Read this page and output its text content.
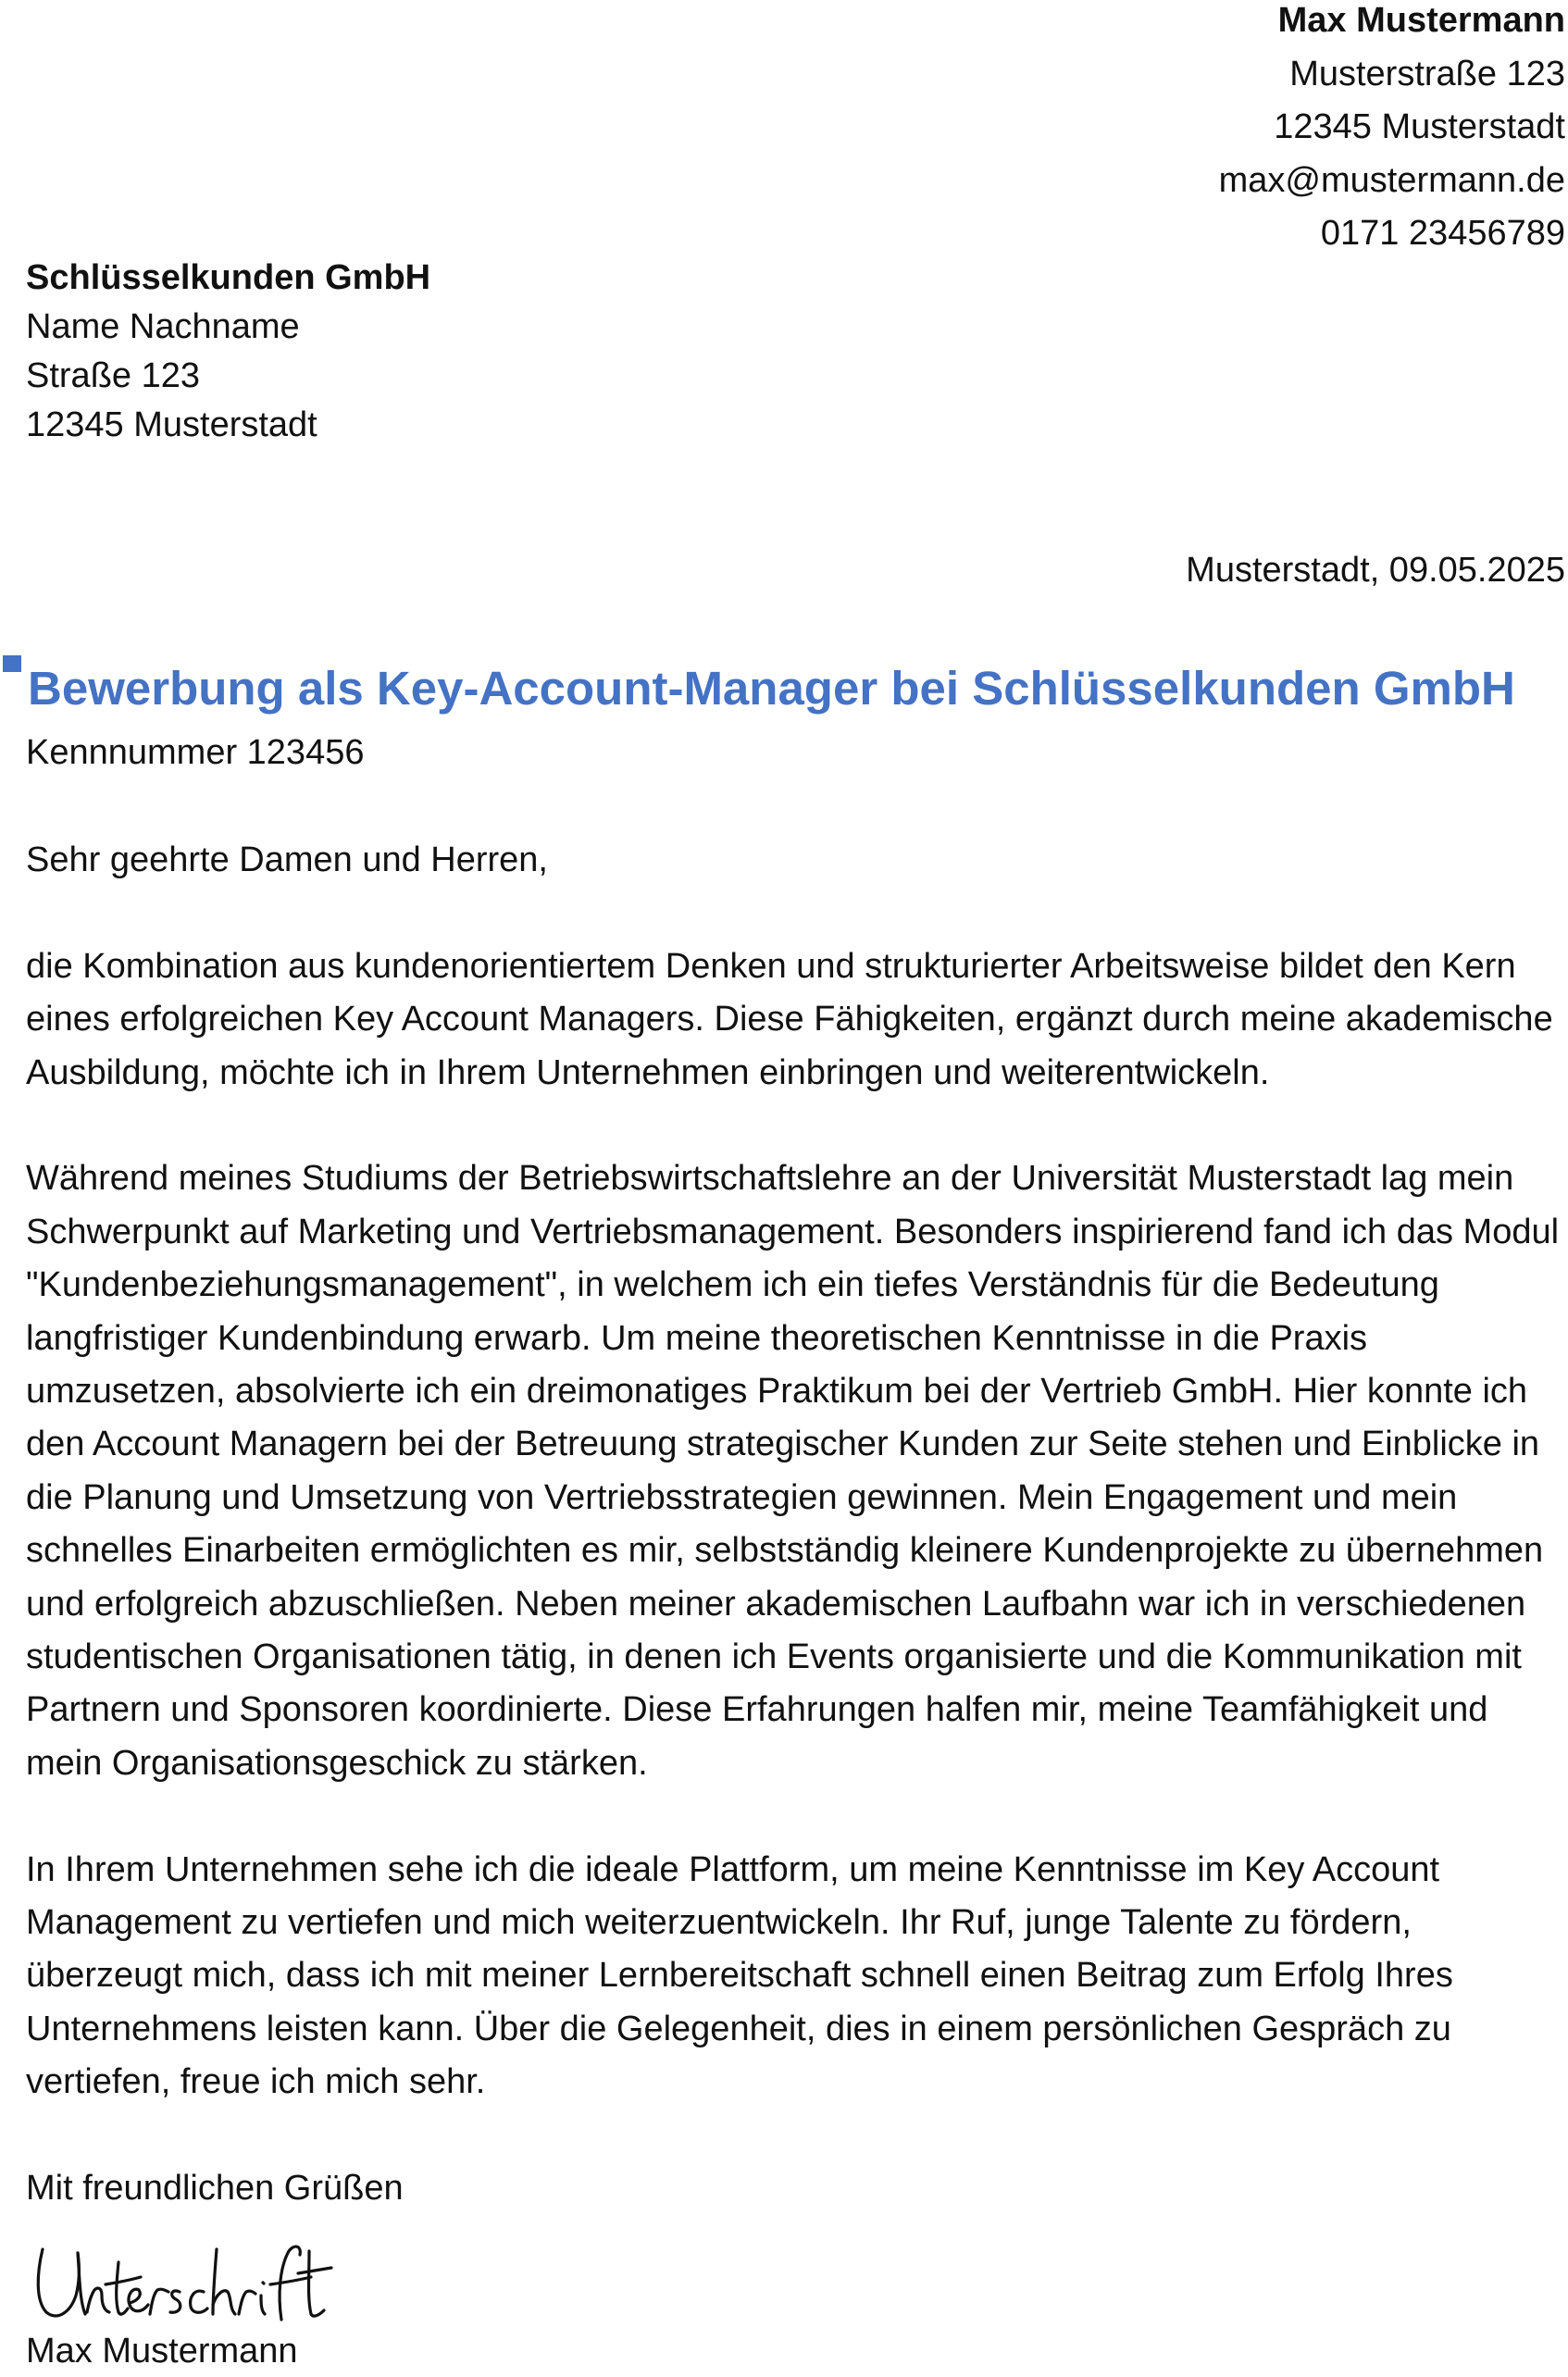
Max Mustermann
Musterstraße 123
12345 Musterstadt
max@mustermann.de
0171 23456789
Schlüsselkunden GmbH
Name Nachname
Straße 123
12345 Musterstadt
Musterstadt, 09.05.2025
Bewerbung als Key-Account-Manager bei Schlüsselkunden GmbH
Kennnummer 123456

Sehr geehrte Damen und Herren,

die Kombination aus kundenorientiertem Denken und strukturierter Arbeitsweise bildet den Kern eines erfolgreichen Key Account Managers. Diese Fähigkeiten, ergänzt durch meine akademische Ausbildung, möchte ich in Ihrem Unternehmen einbringen und weiterentwickeln.

Während meines Studiums der Betriebswirtschaftslehre an der Universität Musterstadt lag mein Schwerpunkt auf Marketing und Vertriebsmanagement. Besonders inspirierend fand ich das Modul "Kundenbeziehungsmanagement", in welchem ich ein tiefes Verständnis für die Bedeutung langfristiger Kundenbindung erwarb. Um meine theoretischen Kenntnisse in die Praxis umzusetzen, absolvierte ich ein dreimonatiges Praktikum bei der Vertrieb GmbH. Hier konnte ich den Account Managern bei der Betreuung strategischer Kunden zur Seite stehen und Einblicke in die Planung und Umsetzung von Vertriebsstrategien gewinnen. Mein Engagement und mein schnelles Einarbeiten ermöglichten es mir, selbstständig kleinere Kundenprojekte zu übernehmen und erfolgreich abzuschließen. Neben meiner akademischen Laufbahn war ich in verschiedenen studentischen Organisationen tätig, in denen ich Events organisierte und die Kommunikation mit Partnern und Sponsoren koordinierte. Diese Erfahrungen halfen mir, meine Teamfähigkeit und mein Organisationsgeschick zu stärken.

In Ihrem Unternehmen sehe ich die ideale Plattform, um meine Kenntnisse im Key Account Management zu vertiefen und mich weiterzuentwickeln. Ihr Ruf, junge Talente zu fördern, überzeugt mich, dass ich mit meiner Lernbereitschaft schnell einen Beitrag zum Erfolg Ihres Unternehmens leisten kann. Über die Gelegenheit, dies in einem persönlichen Gespräch zu vertiefen, freue ich mich sehr.

Mit freundlichen Grüßen

Max Mustermann
